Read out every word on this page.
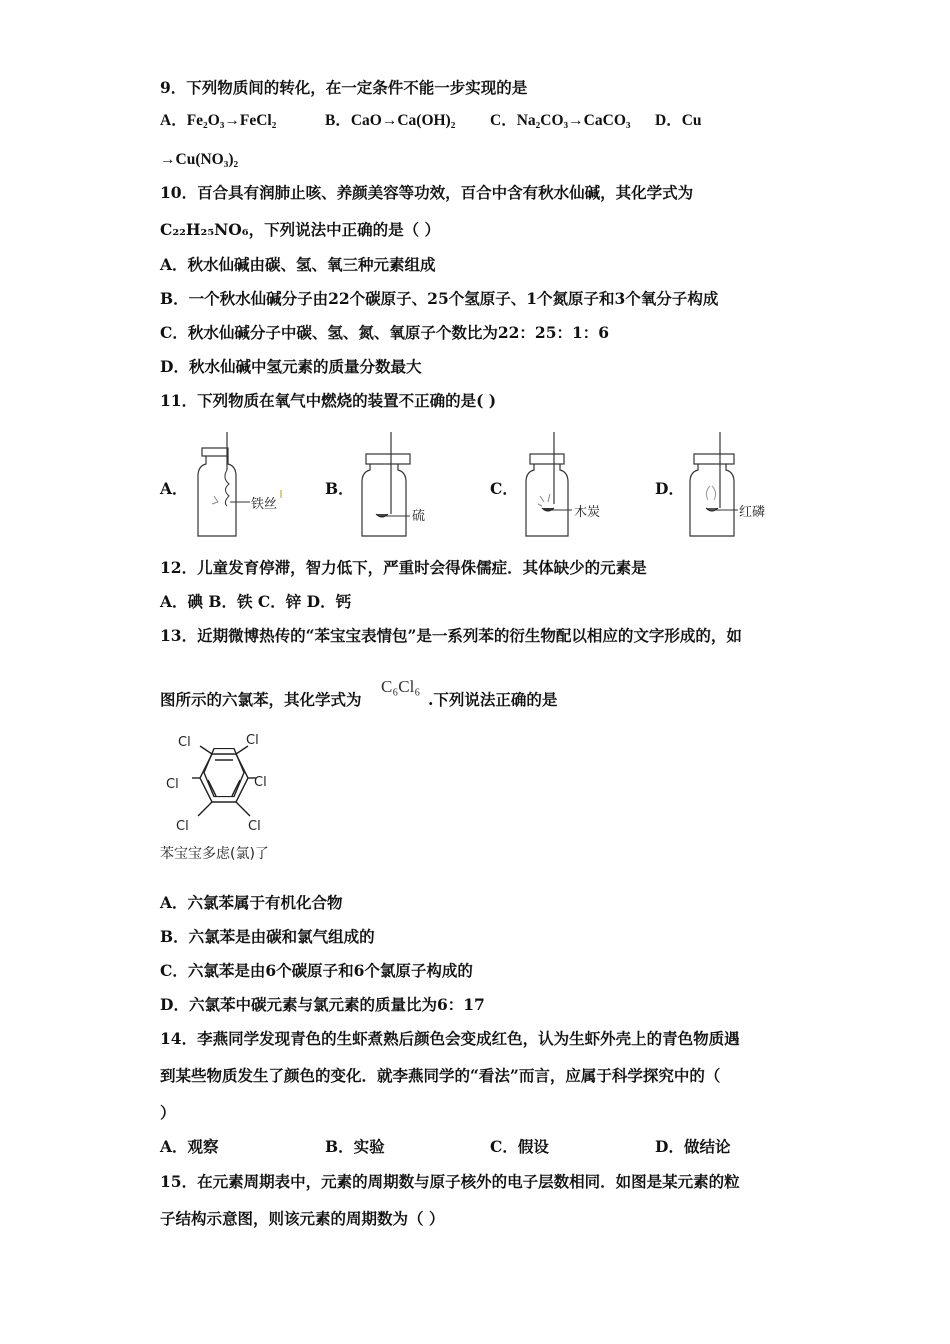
9．下列物质间的转化，在一定条件不能一步实现的是
A．Fe₂O₃→FeCl₂	B．CaO→Ca(OH)₂ C．Na₂CO₃→CaCO₃ D．Cu
→Cu(NO₃)₂
10．百合具有润肺止咳、养颜美容等功效，百合中含有秋水仙碱，其化学式为
C₂₂H₂₅NO₆，下列说法中正确的是（ ）
A．秋水仙碱由碳、氢、氧三种元素组成
B．一个秋水仙碱分子由22个碳原子、25个氢原子、1个氮原子和3个氧分子构成
C．秋水仙碱分子中碳、氢、氮、氧原子个数比为22：25：1：6
D．秋水仙碱中氢元素的质量分数最大
11．下列物质在氧气中燃烧的装置不正确的是( )
A．	B．	C．	D．
铁丝
硫	木炭	红磷
12．儿童发育停滞，智力低下，严重时会得侏儒症．其体缺少的元素是
A．碘 B．铁 C．锌 D．钙
13．近期微博热传的“苯宝宝表情包”是一系列苯的衍生物配以相应的文字形成的，如
图所示的六氯苯，其化学式为
C₆Cl₆
.下列说法正确的是
Cl	Cl
Cl	Cl
Cl	Cl
苯宝宝多虑(氯)了
A．六氯苯属于有机化合物
B．六氯苯是由碳和氯气组成的
C．六氯苯是由6个碳原子和6个氯原子构成的
D．六氯苯中碳元素与氯元素的质量比为6：17
14．李燕同学发现青色的生虾煮熟后颜色会变成红色，认为生虾外壳上的青色物质遇
到某些物质发生了颜色的变化．就李燕同学的“看法”而言，应属于科学探究中的（
）
A．观察	B．实验	C．假设	D．做结论
15．在元素周期表中，元素的周期数与原子核外的电子层数相同．如图是某元素的粒
子结构示意图，则该元素的周期数为（ ）
